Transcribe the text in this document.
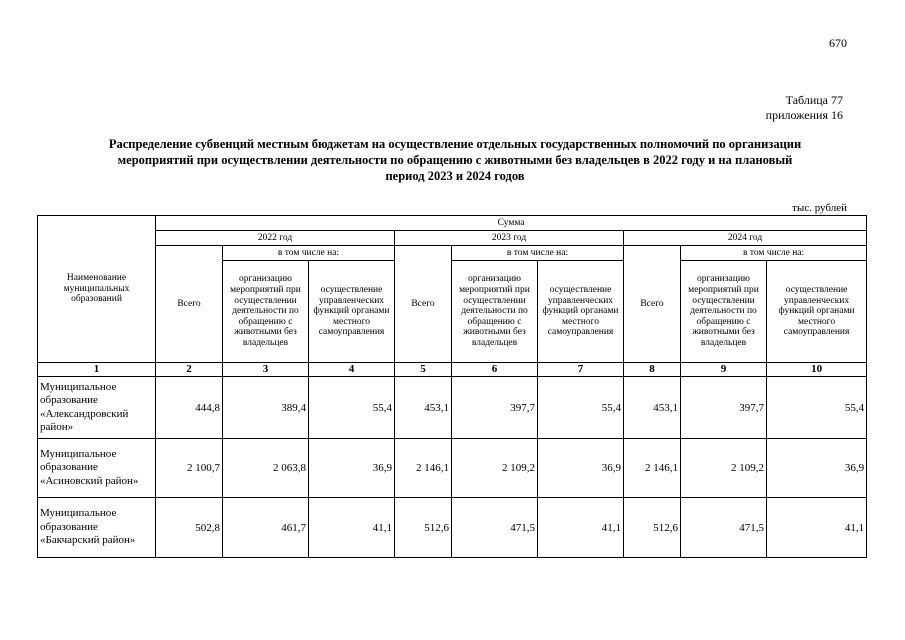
670
Таблица 77
приложения 16
Распределение субвенций местным бюджетам на осуществление отдельных государственных полномочий по организации
мероприятий при осуществлении деятельности по обращению с животными без владельцев в 2022 году и на плановый
период 2023 и 2024 годов
тыс. рублей
Наименование муниципальных образований	Сумма								
	2022 год			2023 год			2024 год		
	Всего	в том числе на:		Всего	в том числе на:		Всего	в том числе на:	
		организацию мероприятий при осуществлении деятельности по обращению с животными без владельцев	осуществление управленческих функций органами местного самоуправления		организацию мероприятий при осуществлении деятельности по обращению с животными без владельцев	осуществление управленческих функций органами местного самоуправления		организацию мероприятий при осуществлении деятельности по обращению с животными без владельцев	осуществление управленческих функций органами местного самоуправления
1	2	3	4	5	6	7	8	9	10
Муниципальное образование «Александровский район»	444,8	389,4	55,4	453,1	397,7	55,4	453,1	397,7	55,4
Муниципальное образование «Асиновский район»	2 100,7	2 063,8	36,9	2 146,1	2 109,2	36,9	2 146,1	2 109,2	36,9
Муниципальное образование «Бакчарский район»	502,8	461,7	41,1	512,6	471,5	41,1	512,6	471,5	41,1
